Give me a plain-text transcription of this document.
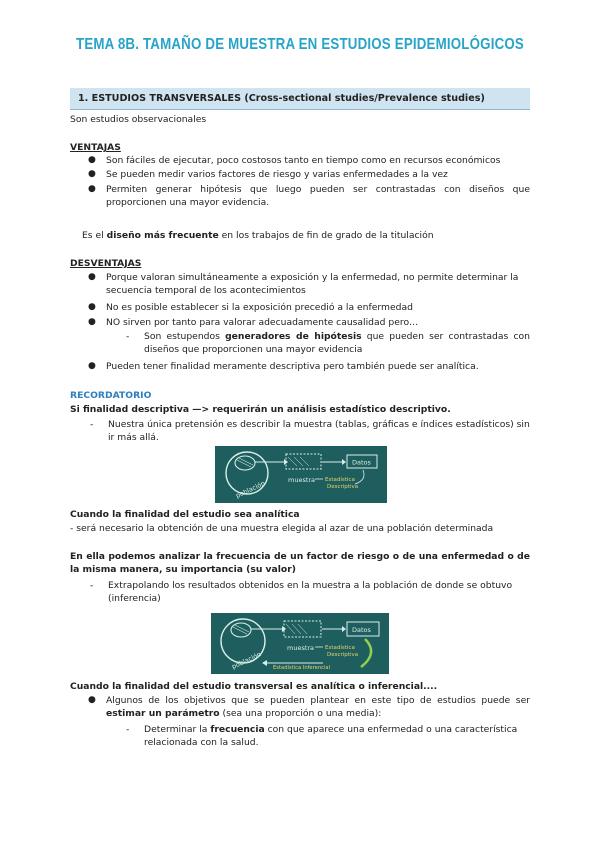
TEMA 8B. TAMAÑO DE MUESTRA EN ESTUDIOS EPIDEMIOLÓGICOS
1. ESTUDIOS TRANSVERSALES (Cross-sectional studies/Prevalence studies)
Son estudios observacionales
VENTAJAS
● Son fáciles de ejecutar, poco costosos tanto en tiempo como en recursos económicos
● Se pueden medir varios factores de riesgo y varias enfermedades a la vez
● Permiten generar hipótesis que luego pueden ser contrastadas con diseños que proporcionen una mayor evidencia.
Es el diseño más frecuente en los trabajos de fin de grado de la titulación
DESVENTAJAS
● Porque valoran simultáneamente a exposición y la enfermedad, no permite determinar la secuencia temporal de los acontecimientos
● No es posible establecer si la exposición precedió a la enfermedad
● NO sirven por tanto para valorar adecuadamente causalidad pero…
- Son estupendos generadores de hipótesis que pueden ser contrastadas con diseños que proporcionen una mayor evidencia
● Pueden tener finalidad meramente descriptiva pero también puede ser analítica.
RECORDATORIO
Si finalidad descriptiva —> requerirán un análisis estadístico descriptivo.
- Nuestra única pretensión es describir la muestra (tablas, gráficas e índices estadísticos) sin ir más allá.
población
Datos
muestra Estadística
Descriptiva
Cuando la finalidad del estudio sea analítica
- será necesario la obtención de una muestra elegida al azar de una población determinada
En ella podemos analizar la frecuencia de un factor de riesgo o de una enfermedad o de la misma manera, su importancia (su valor)
- Extrapolando los resultados obtenidos en la muestra a la población de donde se obtuvo (inferencia)
población
Datos
muestra Estadística
Descriptiva
Estadística Inferencial
Cuando la finalidad del estudio transversal es analítica o inferencial....
● Algunos de los objetivos que se pueden plantear en este tipo de estudios puede ser estimar un parámetro (sea una proporción o una media):
- Determinar la frecuencia con que aparece una enfermedad o una característica relacionada con la salud.
